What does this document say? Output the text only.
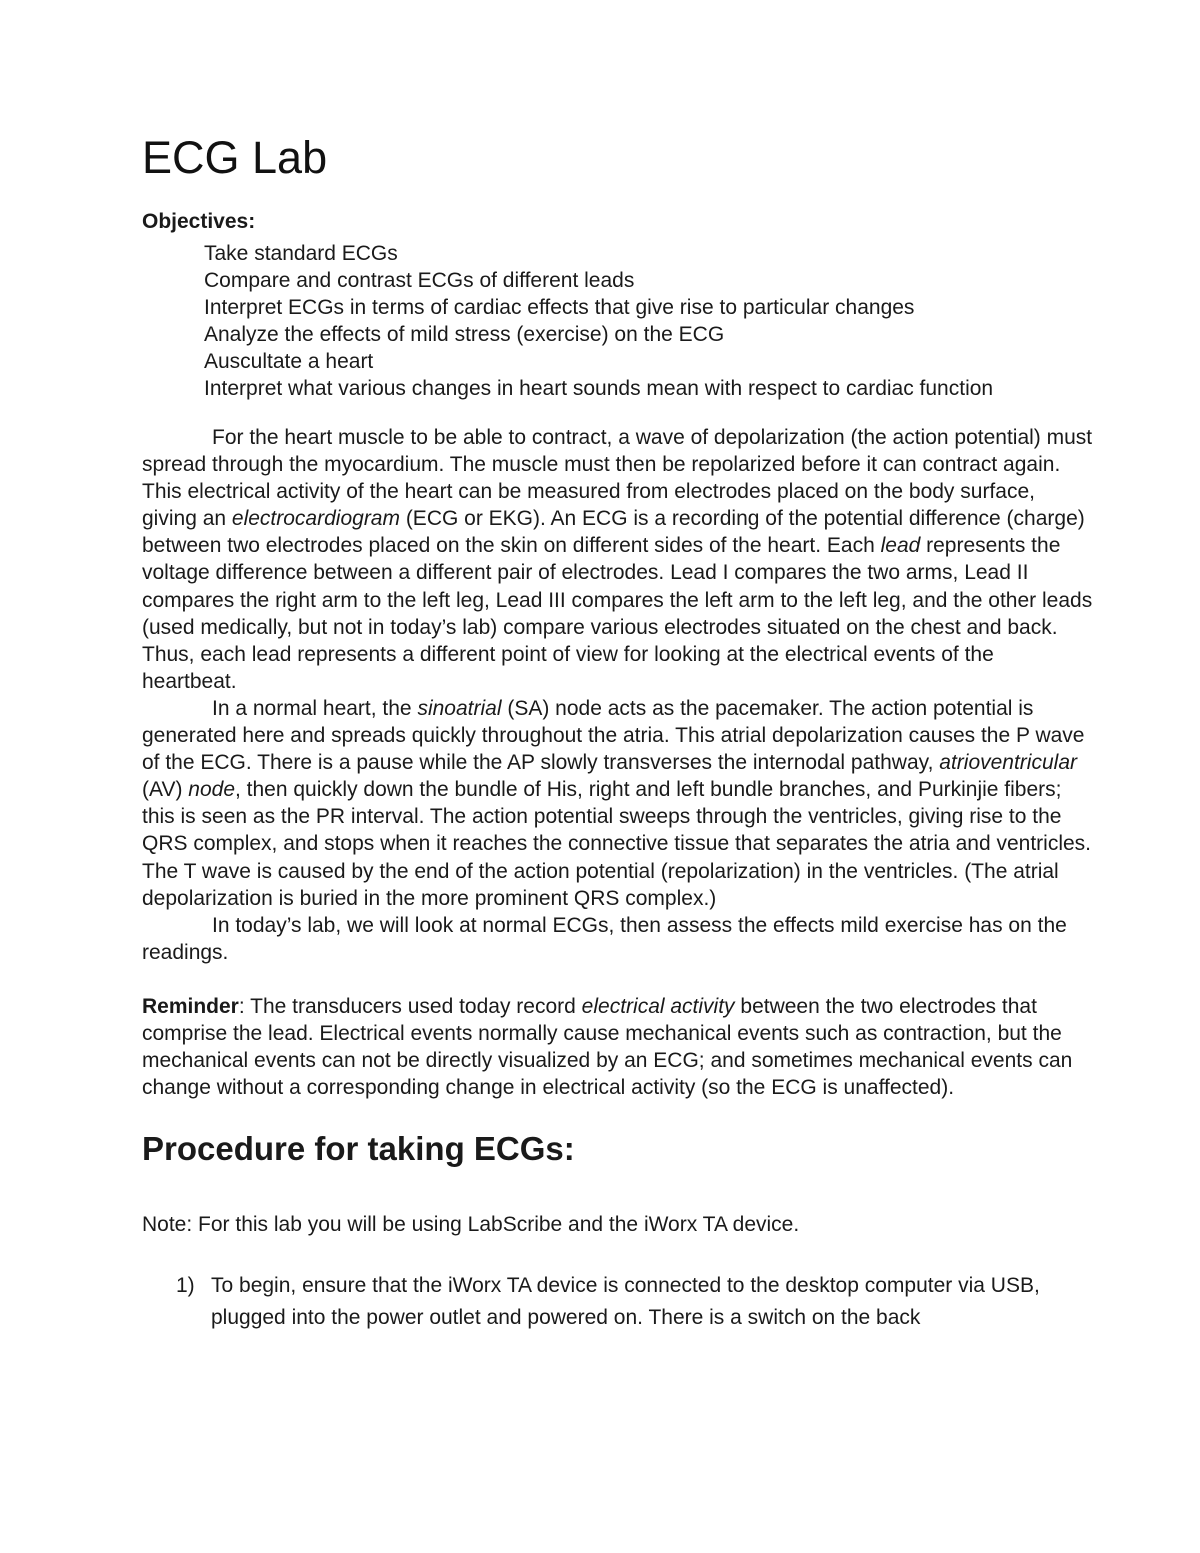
ECG Lab
Objectives:
Take standard ECGs
Compare and contrast ECGs of different leads
Interpret ECGs in terms of cardiac effects that give rise to particular changes
Analyze the effects of mild stress (exercise) on the ECG
Auscultate a heart
Interpret what various changes in heart sounds mean with respect to cardiac function

For the heart muscle to be able to contract, a wave of depolarization (the action potential) must spread through the myocardium. The muscle must then be repolarized before it can contract again. This electrical activity of the heart can be measured from electrodes placed on the body surface, giving an electrocardiogram (ECG or EKG). An ECG is a recording of the potential difference (charge) between two electrodes placed on the skin on different sides of the heart. Each lead represents the voltage difference between a different pair of electrodes. Lead I compares the two arms, Lead II compares the right arm to the left leg, Lead III compares the left arm to the left leg, and the other leads (used medically, but not in today’s lab) compare various electrodes situated on the chest and back. Thus, each lead represents a different point of view for looking at the electrical events of the heartbeat.

In a normal heart, the sinoatrial (SA) node acts as the pacemaker. The action potential is generated here and spreads quickly throughout the atria. This atrial depolarization causes the P wave of the ECG. There is a pause while the AP slowly transverses the internodal pathway, atrioventricular (AV) node, then quickly down the bundle of His, right and left bundle branches, and Purkinjie fibers; this is seen as the PR interval. The action potential sweeps through the ventricles, giving rise to the QRS complex, and stops when it reaches the connective tissue that separates the atria and ventricles. The T wave is caused by the end of the action potential (repolarization) in the ventricles. (The atrial depolarization is buried in the more prominent QRS complex.)

In today’s lab, we will look at normal ECGs, then assess the effects mild exercise has on the readings.

Reminder: The transducers used today record electrical activity between the two electrodes that comprise the lead. Electrical events normally cause mechanical events such as contraction, but the mechanical events can not be directly visualized by an ECG; and sometimes mechanical events can change without a corresponding change in electrical activity (so the ECG is unaffected).

Procedure for taking ECGs:

Note: For this lab you will be using LabScribe and the iWorx TA device.

1) To begin, ensure that the iWorx TA device is connected to the desktop computer via USB, plugged into the power outlet and powered on. There is a switch on the back
